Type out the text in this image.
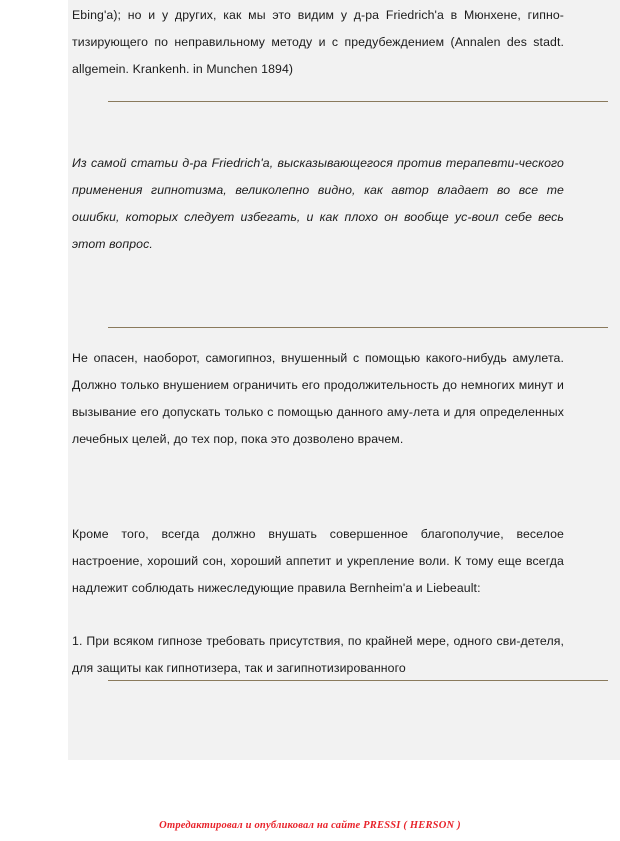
Ebing'a); но и у других, как мы это видим у д-ра Friedrich'a в Мюнхене, гипно-тизирующего по неправильному методу и с предубеждением (Annalen des stadt. allgemein. Krankenh. in Munchen 1894)

Из самой статьи д-ра Friedrich'a, высказывающегося против терапевти-ческого применения гипнотизма, великолепно видно, как автор владает во все те ошибки, которых следует избегать, и как плохо он вообще ус-воил себе весь этот вопрос.

Не опасен, наоборот, самогипноз, внушенный с помощью какого-нибудь амулета. Должно только внушением ограничить его продолжительность до немногих минут и вызывание его допускать только с помощью данного аму-лета и для определенных лечебных целей, до тех пор, пока это дозволено врачем.

Кроме того, всегда должно внушать совершенное благополучие, веселое настроение, хороший сон, хороший аппетит и укрепление воли. К тому еще всегда надлежит соблюдать нижеследующие правила Bernheim'a и Liebeault:

1. При всяком гипнозе требовать присутствия, по крайней мере, одного сви-детеля, для защиты как гипнотизера, так и загипнотизированного

Отредактировал и опубликовал на сайте PRESSI ( HERSON )
